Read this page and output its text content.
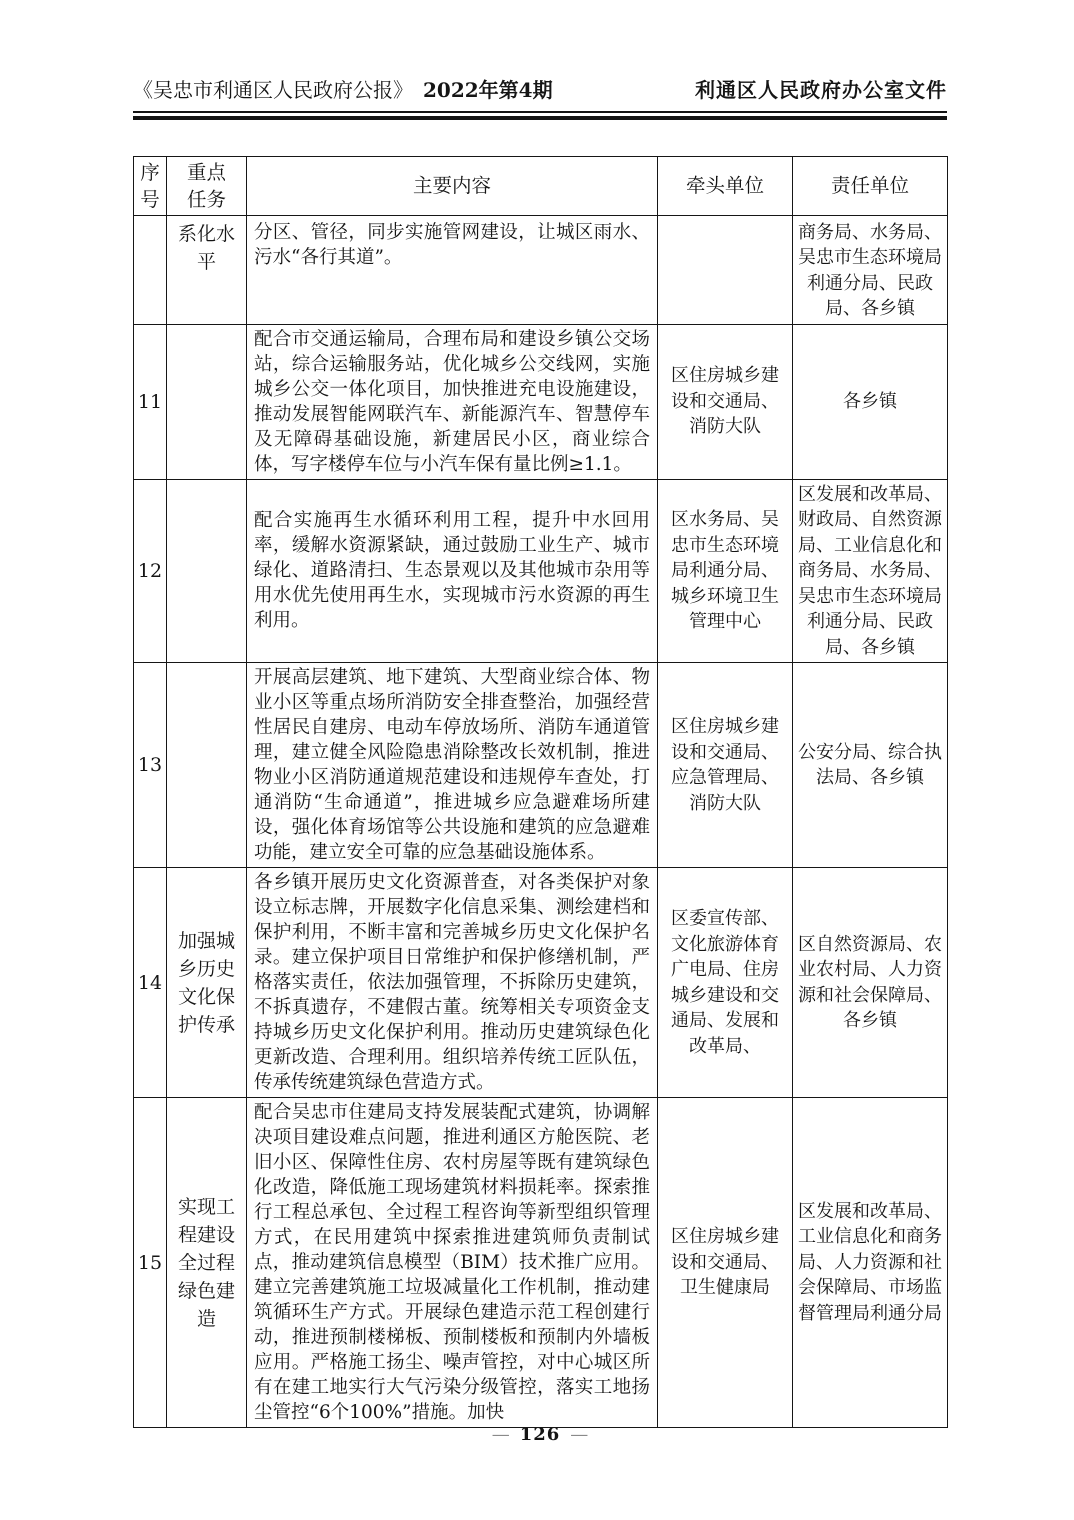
《吴忠市利通区人民政府公报》 2022年第4期	利通区人民政府办公室文件
序号	重点任务	主要内容	牵头单位	责任单位
	系化水平	分区、管径，同步实施管网建设，让城区雨水、污水“各行其道”。		商务局、水务局、吴忠市生态环境局利通分局、民政局、各乡镇
11		配合市交通运输局，合理布局和建设乡镇公交场站，综合运输服务站，优化城乡公交线网，实施城乡公交一体化项目，加快推进充电设施建设，推动发展智能网联汽车、新能源汽车、智慧停车及无障碍基础设施，新建居民小区，商业综合体，写字楼停车位与小汽车保有量比例≥1.1。	区住房城乡建设和交通局、消防大队	各乡镇
12		配合实施再生水循环利用工程，提升中水回用率，缓解水资源紧缺，通过鼓励工业生产、城市绿化、道路清扫、生态景观以及其他城市杂用等用水优先使用再生水，实现城市污水资源的再生利用。	区水务局、吴忠市生态环境局利通分局、城乡环境卫生管理中心	区发展和改革局、财政局、自然资源局、工业信息化和商务局、水务局、吴忠市生态环境局利通分局、民政局、各乡镇
13		开展高层建筑、地下建筑、大型商业综合体、物业小区等重点场所消防安全排查整治，加强经营性居民自建房、电动车停放场所、消防车通道管理，建立健全风险隐患消除整改长效机制，推进物业小区消防通道规范建设和违规停车查处，打通消防“生命通道”，推进城乡应急避难场所建设，强化体育场馆等公共设施和建筑的应急避难功能，建立安全可靠的应急基础设施体系。	区住房城乡建设和交通局、应急管理局、消防大队	公安分局、综合执法局、各乡镇
14	加强城乡历史文化保护传承	各乡镇开展历史文化资源普查，对各类保护对象设立标志牌，开展数字化信息采集、测绘建档和保护利用，不断丰富和完善城乡历史文化保护名录。建立保护项目日常维护和保护修缮机制，严格落实责任，依法加强管理，不拆除历史建筑，不拆真遗存，不建假古董。统筹相关专项资金支持城乡历史文化保护利用。推动历史建筑绿色化更新改造、合理利用。组织培养传统工匠队伍，传承传统建筑绿色营造方式。	区委宣传部、文化旅游体育广电局、住房城乡建设和交通局、发展和改革局、	区自然资源局、农业农村局、人力资源和社会保障局、各乡镇
15	实现工程建设全过程绿色建造	配合吴忠市住建局支持发展装配式建筑，协调解决项目建设难点问题，推进利通区方舱医院、老旧小区、保障性住房、农村房屋等既有建筑绿色化改造，降低施工现场建筑材料损耗率。探索推行工程总承包、全过程工程咨询等新型组织管理方式，在民用建筑中探索推进建筑师负责制试点，推动建筑信息模型（BIM）技术推广应用。建立完善建筑施工垃圾减量化工作机制，推动建筑循环生产方式。开展绿色建造示范工程创建行动，推进预制楼梯板、预制楼板和预制内外墙板应用。严格施工扬尘、噪声管控，对中心城区所有在建工地实行大气污染分级管控，落实工地扬尘管控“6个100%”措施。加快	区住房城乡建设和交通局、卫生健康局	区发展和改革局、工业信息化和商务局、人力资源和社会保障局、市场监督管理局利通分局
— 126 —
